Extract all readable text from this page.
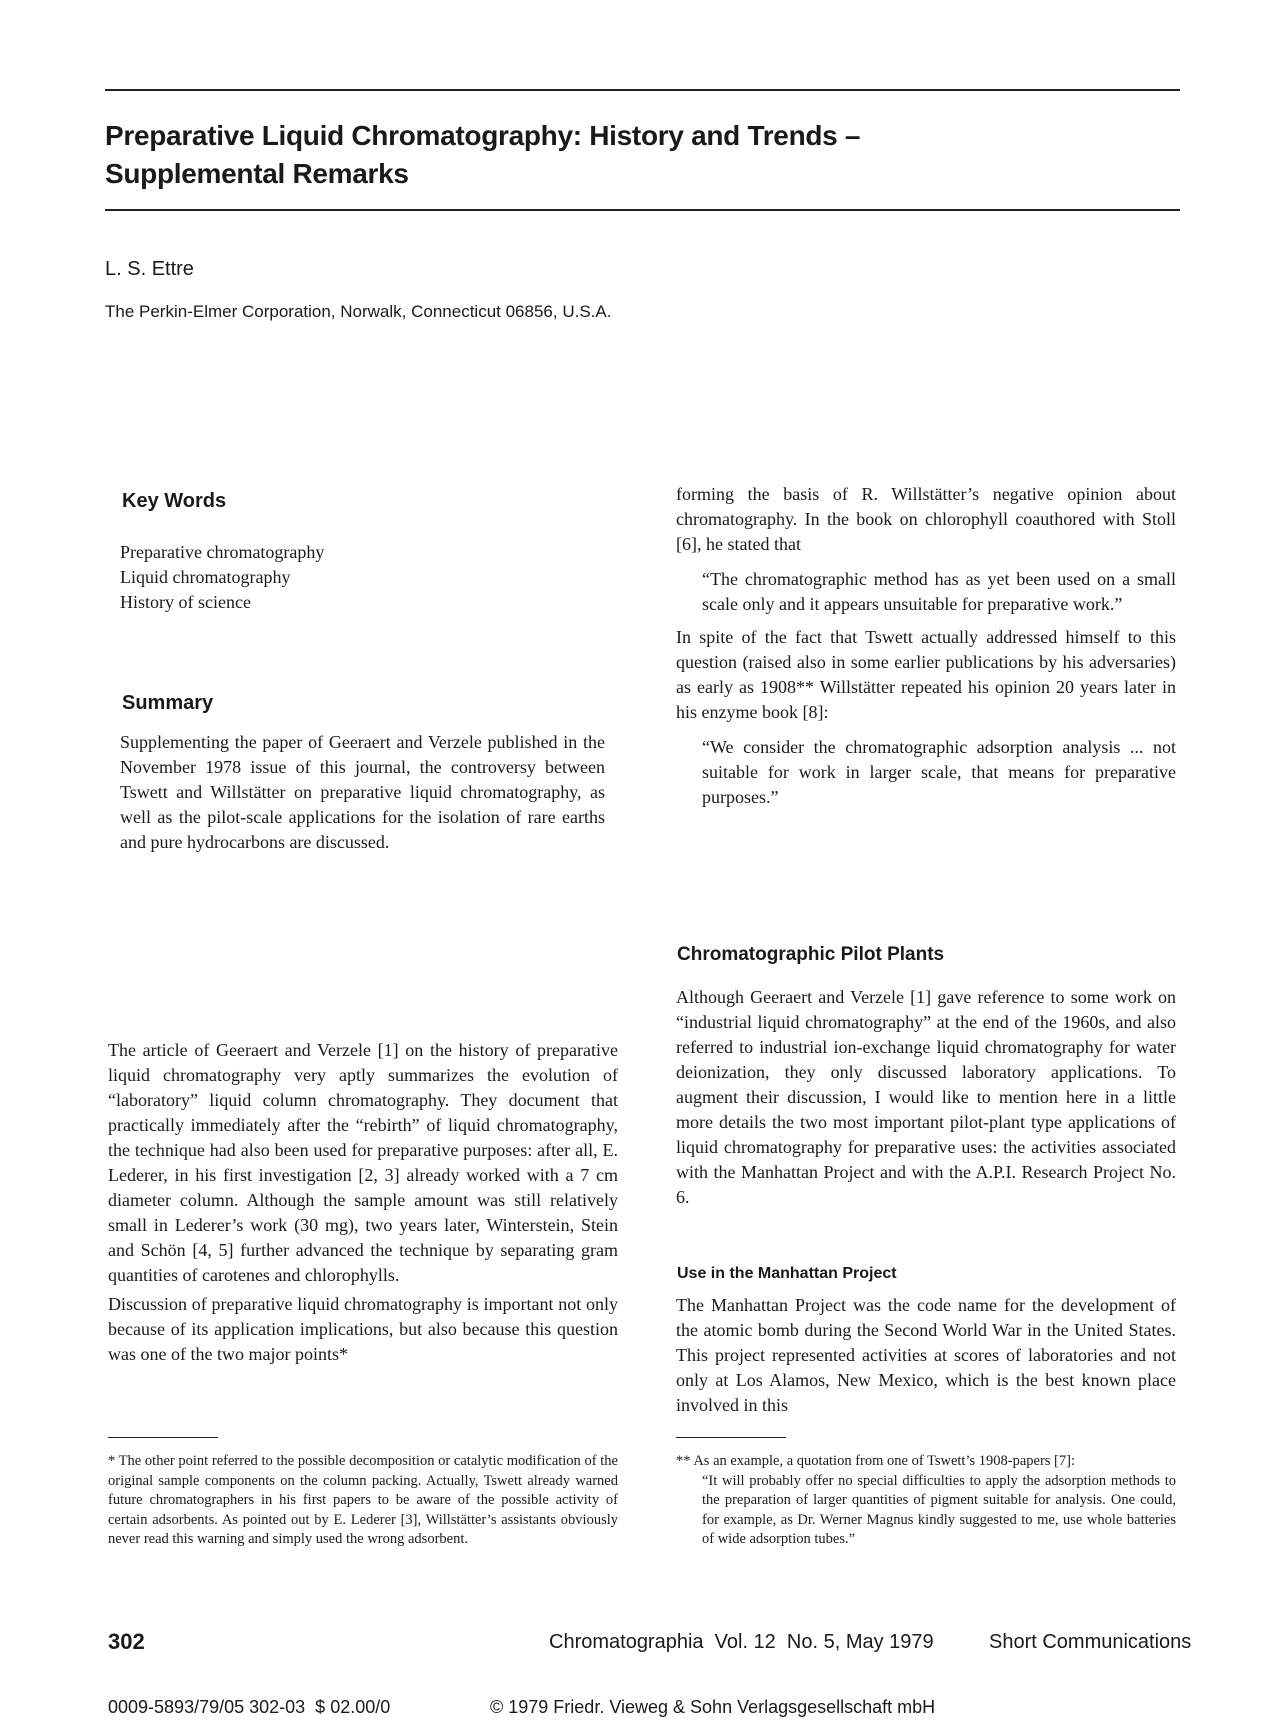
Preparative Liquid Chromatography: History and Trends –
Supplemental Remarks
L. S. Ettre
The Perkin-Elmer Corporation, Norwalk, Connecticut 06856, U.S.A.
Key Words
Preparative chromatography
Liquid chromatography
History of science
Summary
Supplementing the paper of Geeraert and Verzele published in the November 1978 issue of this journal, the controversy between Tswett and Willstätter on preparative liquid chromatography, as well as the pilot-scale applications for the isolation of rare earths and pure hydrocarbons are discussed.

The article of Geeraert and Verzele [1] on the history of preparative liquid chromatography very aptly summarizes the evolution of “laboratory” liquid column chromatography. They document that practically immediately after the “rebirth” of liquid chromatography, the technique had also been used for preparative purposes: after all, E. Lederer, in his first investigation [2, 3] already worked with a 7 cm diameter column. Although the sample amount was still relatively small in Lederer’s work (30 mg), two years later, Winterstein, Stein and Schön [4, 5] further advanced the technique by separating gram quantities of carotenes and chlorophylls.

Discussion of preparative liquid chromatography is important not only because of its application implications, but also because this question was one of the two major points*

* The other point referred to the possible decomposition or catalytic modification of the original sample components on the column packing. Actually, Tswett already warned future chromatographers in his first papers to be aware of the possible activity of certain adsorbents. As pointed out by E. Lederer [3], Willstätter’s assistants obviously never read this warning and simply used the wrong adsorbent.

forming the basis of R. Willstätter’s negative opinion about chromatography. In the book on chlorophyll coauthored with Stoll [6], he stated that

“The chromatographic method has as yet been used on a small scale only and it appears unsuitable for preparative work.”

In spite of the fact that Tswett actually addressed himself to this question (raised also in some earlier publications by his adversaries) as early as 1908** Willstätter repeated his opinion 20 years later in his enzyme book [8]:

“We consider the chromatographic adsorption analysis ... not suitable for work in larger scale, that means for preparative purposes.”

Chromatographic Pilot Plants
Although Geeraert and Verzele [1] gave reference to some work on “industrial liquid chromatography” at the end of the 1960s, and also referred to industrial ion-exchange liquid chromatography for water deionization, they only discussed laboratory applications. To augment their discussion, I would like to mention here in a little more details the two most important pilot-plant type applications of liquid chromatography for preparative uses: the activities associated with the Manhattan Project and with the A.P.I. Research Project No. 6.
Use in the Manhattan Project
The Manhattan Project was the code name for the development of the atomic bomb during the Second World War in the United States. This project represented activities at scores of laboratories and not only at Los Alamos, New Mexico, which is the best known place involved in this
** As an example, a quotation from one of Tswett’s 1908-papers [7]:
“It will probably offer no special difficulties to apply the adsorption methods to the preparation of larger quantities of pigment suitable for analysis. One could, for example, as Dr. Werner Magnus kindly suggested to me, use whole batteries of wide adsorption tubes.”
302	Chromatographia  Vol. 12  No. 5, May 1979	Short Communications
0009-5893/79/05 302-03  $ 02.00/0	© 1979 Friedr. Vieweg & Sohn Verlagsgesellschaft mbH
